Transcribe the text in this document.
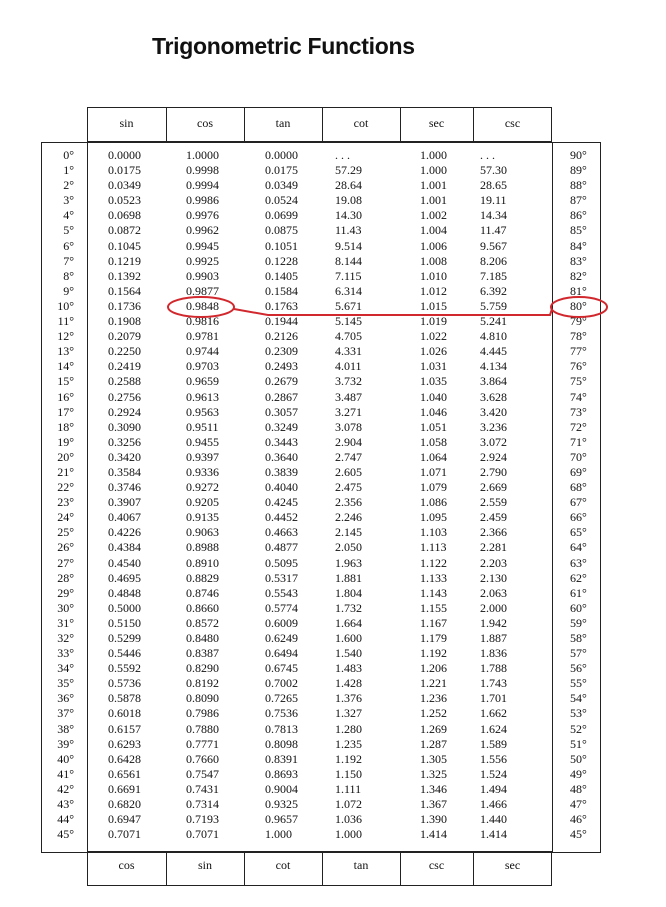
Trigonometric Functions
sin	cos	tan	cot	sec	csc
cos	sin	cot	tan	csc	sec
0°	0.0000	1.0000	0.0000	. . .	1.000	. . .	90°
1°	0.0175	0.9998	0.0175	57.29	1.000	57.30	89°
2°	0.0349	0.9994	0.0349	28.64	1.001	28.65	88°
3°	0.0523	0.9986	0.0524	19.08	1.001	19.11	87°
4°	0.0698	0.9976	0.0699	14.30	1.002	14.34	86°
5°	0.0872	0.9962	0.0875	11.43	1.004	11.47	85°
6°	0.1045	0.9945	0.1051	9.514	1.006	9.567	84°
7°	0.1219	0.9925	0.1228	8.144	1.008	8.206	83°
8°	0.1392	0.9903	0.1405	7.115	1.010	7.185	82°
9°	0.1564	0.9877	0.1584	6.314	1.012	6.392	81°
10°	0.1736	0.9848	0.1763	5.671	1.015	5.759	80°
11°	0.1908	0.9816	0.1944	5.145	1.019	5.241	79°
12°	0.2079	0.9781	0.2126	4.705	1.022	4.810	78°
13°	0.2250	0.9744	0.2309	4.331	1.026	4.445	77°
14°	0.2419	0.9703	0.2493	4.011	1.031	4.134	76°
15°	0.2588	0.9659	0.2679	3.732	1.035	3.864	75°
16°	0.2756	0.9613	0.2867	3.487	1.040	3.628	74°
17°	0.2924	0.9563	0.3057	3.271	1.046	3.420	73°
18°	0.3090	0.9511	0.3249	3.078	1.051	3.236	72°
19°	0.3256	0.9455	0.3443	2.904	1.058	3.072	71°
20°	0.3420	0.9397	0.3640	2.747	1.064	2.924	70°
21°	0.3584	0.9336	0.3839	2.605	1.071	2.790	69°
22°	0.3746	0.9272	0.4040	2.475	1.079	2.669	68°
23°	0.3907	0.9205	0.4245	2.356	1.086	2.559	67°
24°	0.4067	0.9135	0.4452	2.246	1.095	2.459	66°
25°	0.4226	0.9063	0.4663	2.145	1.103	2.366	65°
26°	0.4384	0.8988	0.4877	2.050	1.113	2.281	64°
27°	0.4540	0.8910	0.5095	1.963	1.122	2.203	63°
28°	0.4695	0.8829	0.5317	1.881	1.133	2.130	62°
29°	0.4848	0.8746	0.5543	1.804	1.143	2.063	61°
30°	0.5000	0.8660	0.5774	1.732	1.155	2.000	60°
31°	0.5150	0.8572	0.6009	1.664	1.167	1.942	59°
32°	0.5299	0.8480	0.6249	1.600	1.179	1.887	58°
33°	0.5446	0.8387	0.6494	1.540	1.192	1.836	57°
34°	0.5592	0.8290	0.6745	1.483	1.206	1.788	56°
35°	0.5736	0.8192	0.7002	1.428	1.221	1.743	55°
36°	0.5878	0.8090	0.7265	1.376	1.236	1.701	54°
37°	0.6018	0.7986	0.7536	1.327	1.252	1.662	53°
38°	0.6157	0.7880	0.7813	1.280	1.269	1.624	52°
39°	0.6293	0.7771	0.8098	1.235	1.287	1.589	51°
40°	0.6428	0.7660	0.8391	1.192	1.305	1.556	50°
41°	0.6561	0.7547	0.8693	1.150	1.325	1.524	49°
42°	0.6691	0.7431	0.9004	1.111	1.346	1.494	48°
43°	0.6820	0.7314	0.9325	1.072	1.367	1.466	47°
44°	0.6947	0.7193	0.9657	1.036	1.390	1.440	46°
45°	0.7071	0.7071	1.000	1.000	1.414	1.414	45°
